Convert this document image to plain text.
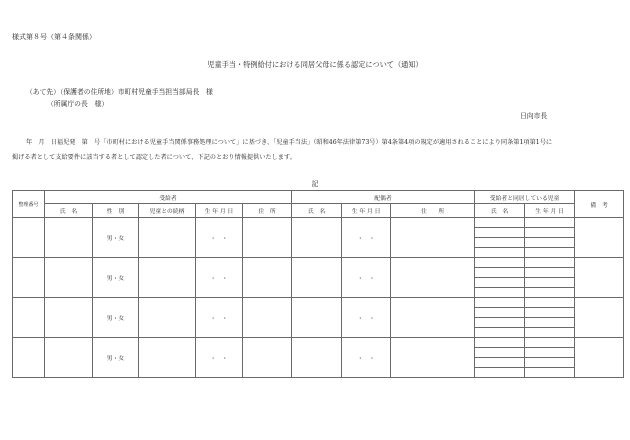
様式第８号（第４条関係）
児童手当・特例給付における同居父母に係る認定について（通知）
（あて先）（保護者の住所地）市町村児童手当担当部局長　様
（所属庁の長　様）
日向市長
年　月　日福児発　第　号「市町村における児童手当関係事務処理について」に基づき、「児童手当法」（昭和46年法律第73号）第4条第4項の規定が適用されることにより同条第1項第1号に
掲げる者として支給要件に該当する者として認定した者について、下記のとおり情報提供いたします。
記
整理番号	受給者					配偶者			受給者と同居している児童		備　考
	氏　名	性　別	児童との続柄	生 年 月 日	住　所	氏　名	生 年 月 日	住　　所	氏　名	生 年 月 日	
		男・女		・　・			・　・				

		男・女		・　・			・　・				

		男・女		・　・			・　・				

		男・女		・　・			・　・				
